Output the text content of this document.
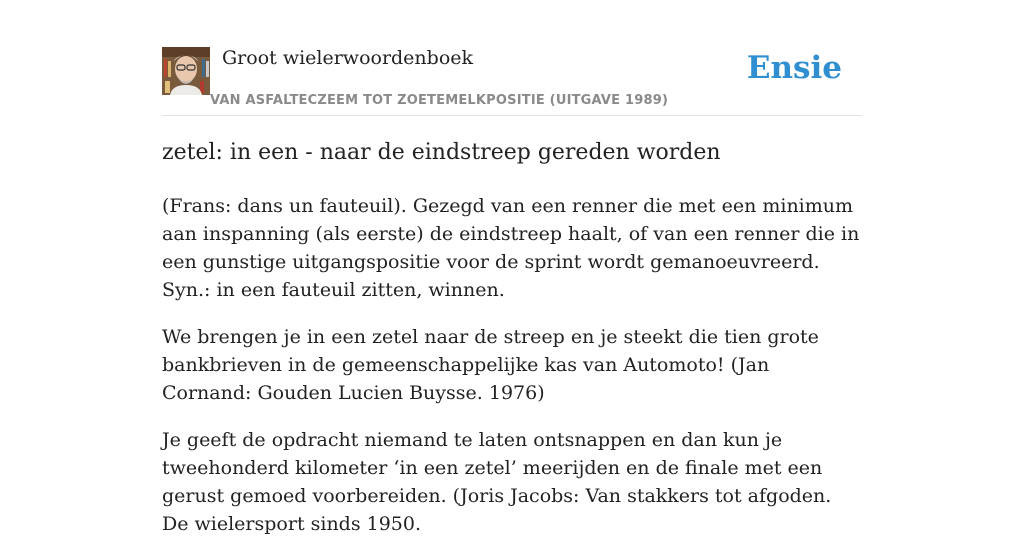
Groot wielerwoordenboek
VAN ASFALTECZEEM TOT ZOETEMELKPOSITIE (UITGAVE 1989)
Ensie
zetel: in een - naar de eindstreep gereden worden

(Frans: dans un fauteuil). Gezegd van een renner die met een minimum aan inspanning (als eerste) de eindstreep haalt, of van een renner die in een gunstige uitgangspositie voor de sprint wordt gemanoeuvreerd. Syn.: in een fauteuil zitten, winnen.

We brengen je in een zetel naar de streep en je steekt die tien grote bankbrieven in de gemeenschappelijke kas van Automoto! (Jan Cornand: Gouden Lucien Buysse. 1976)

Je geeft de opdracht niemand te laten ontsnappen en dan kun je tweehonderd kilometer ‘in een zetel’ meerijden en de finale met een gerust gemoed voorbereiden. (Joris Jacobs: Van stakkers tot afgoden. De wielersport sinds 1950.
